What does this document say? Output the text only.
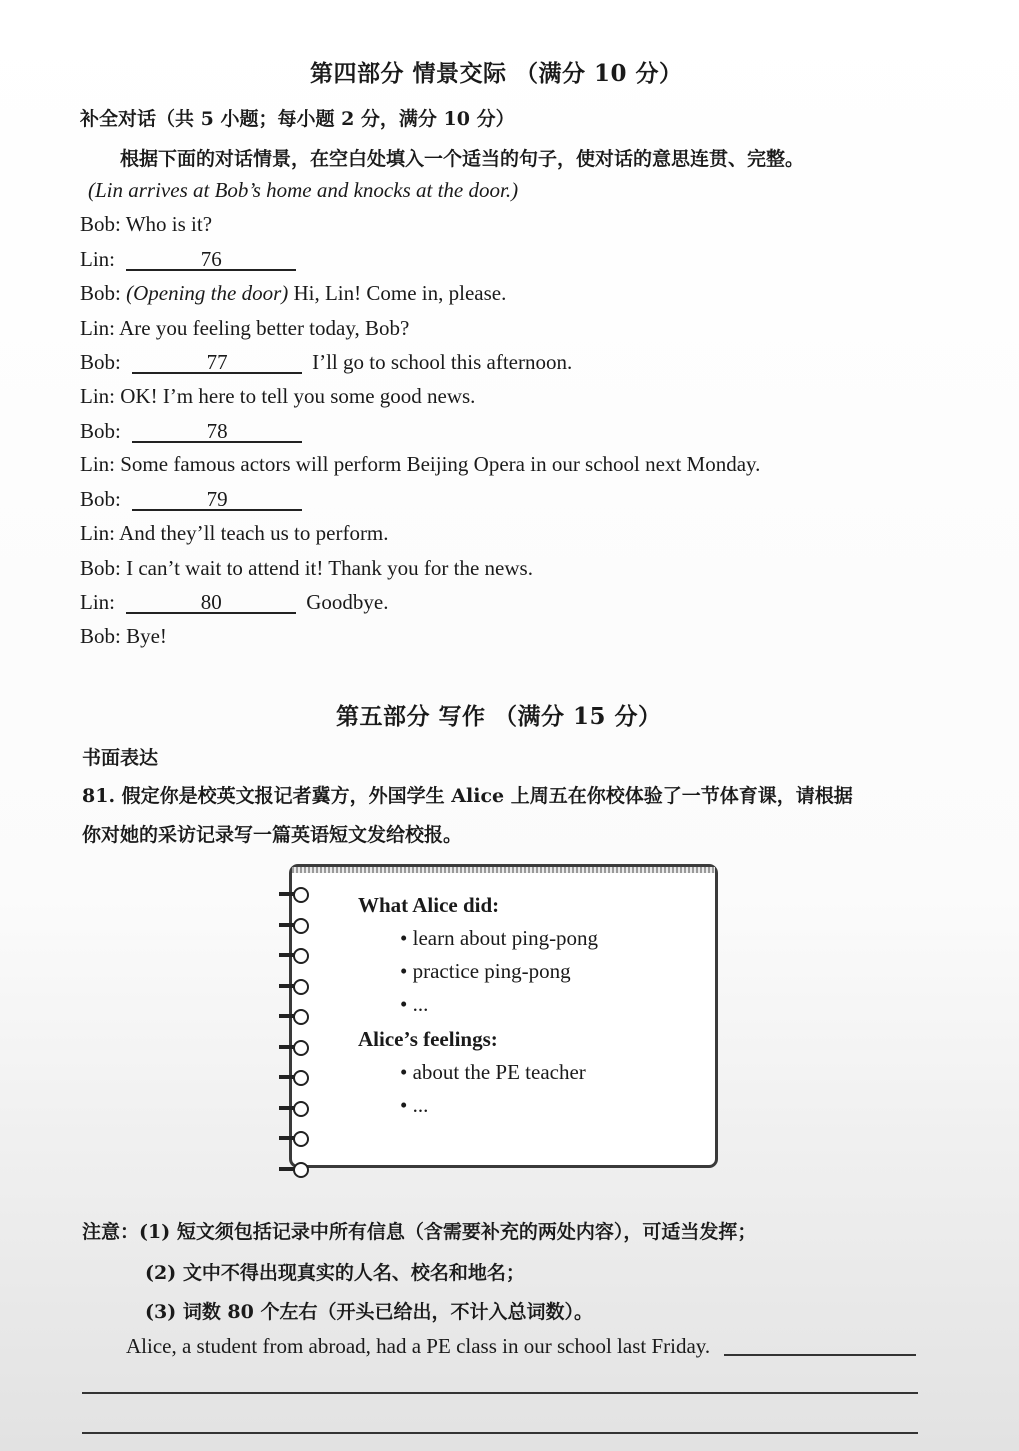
第四部分 情景交际 （满分 10 分）
补全对话（共 5 小题；每小题 2 分，满分 10 分）
根据下面的对话情景，在空白处填入一个适当的句子，使对话的意思连贯、完整。
(Lin arrives at Bob’s home and knocks at the door.)
Bob: Who is it?
Lin:	76
Bob: (Opening the door) Hi, Lin! Come in, please.
Lin: Are you feeling better today, Bob?
Bob:	77	I’ll go to school this afternoon.
Lin: OK! I’m here to tell you some good news.
Bob:	78
Lin: Some famous actors will perform Beijing Opera in our school next Monday.
Bob:	79
Lin: And they’ll teach us to perform.
Bob: I can’t wait to attend it! Thank you for the news.
Lin:	80	Goodbye.
Bob: Bye!
第五部分 写作 （满分 15 分）
书面表达
81. 假定你是校英文报记者冀方，外国学生 Alice 上周五在你校体验了一节体育课，请根据
你对她的采访记录写一篇英语短文发给校报。
What Alice did:
• learn about ping-pong
• practice ping-pong
• ...
Alice’s feelings:
• about the PE teacher
• ...
注意：(1) 短文须包括记录中所有信息（含需要补充的两处内容），可适当发挥；
(2) 文中不得出现真实的人名、校名和地名；
(3) 词数 80 个左右（开头已给出，不计入总词数）。
Alice, a student from abroad, had a PE class in our school last Friday.
